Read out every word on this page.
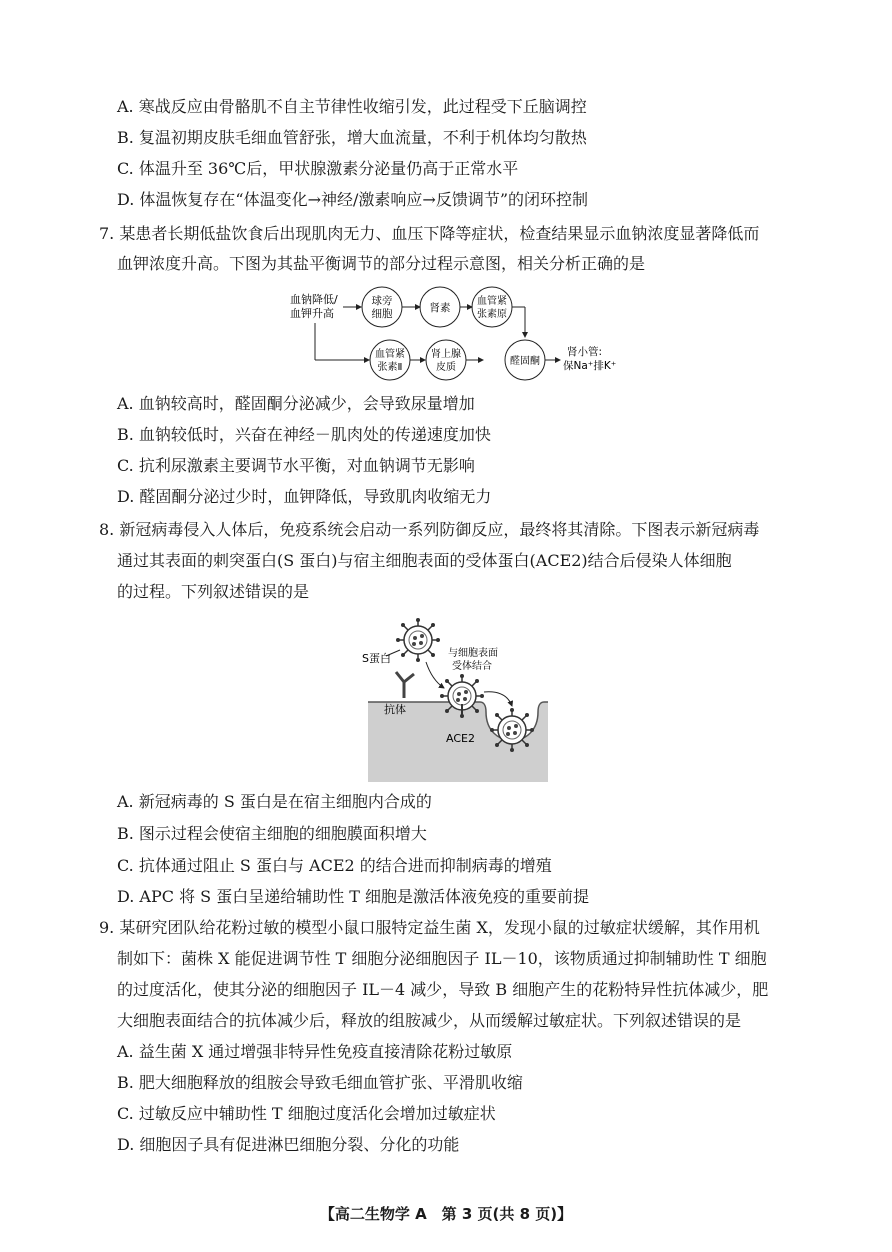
A. 寒战反应由骨骼肌不自主节律性收缩引发，此过程受下丘脑调控
B. 复温初期皮肤毛细血管舒张，增大血流量，不利于机体均匀散热
C. 体温升至 36℃后，甲状腺激素分泌量仍高于正常水平
D. 体温恢复存在“体温变化→神经/激素响应→反馈调节”的闭环控制
7. 某患者长期低盐饮食后出现肌肉无力、血压下降等症状，检查结果显示血钠浓度显著降低而
血钾浓度升高。下图为其盐平衡调节的部分过程示意图，相关分析正确的是
血钠降低/
血钾升高
球旁
细胞	肾素
血管紧
张素原
血管紧
张素Ⅱ
肾上腺
皮质
醛固酮
肾小管:
保Na⁺排K⁺
A. 血钠较高时，醛固酮分泌减少，会导致尿量增加
B. 血钠较低时，兴奋在神经－肌肉处的传递速度加快
C. 抗利尿激素主要调节水平衡，对血钠调节无影响
D. 醛固酮分泌过少时，血钾降低，导致肌肉收缩无力
8. 新冠病毒侵入人体后，免疫系统会启动一系列防御反应，最终将其清除。下图表示新冠病毒
通过其表面的刺突蛋白(S 蛋白)与宿主细胞表面的受体蛋白(ACE2)结合后侵染人体细胞
的过程。下列叙述错误的是
S蛋白	与细胞表面
受体结合
抗体
ACE2
A. 新冠病毒的 S 蛋白是在宿主细胞内合成的
B. 图示过程会使宿主细胞的细胞膜面积增大
C. 抗体通过阻止 S 蛋白与 ACE2 的结合进而抑制病毒的增殖
D. APC 将 S 蛋白呈递给辅助性 T 细胞是激活体液免疫的重要前提
9. 某研究团队给花粉过敏的模型小鼠口服特定益生菌 X，发现小鼠的过敏症状缓解，其作用机
制如下：菌株 X 能促进调节性 T 细胞分泌细胞因子 IL－10，该物质通过抑制辅助性 T 细胞
的过度活化，使其分泌的细胞因子 IL－4 减少，导致 B 细胞产生的花粉特异性抗体减少，肥
大细胞表面结合的抗体减少后，释放的组胺减少，从而缓解过敏症状。下列叙述错误的是
A. 益生菌 X 通过增强非特异性免疫直接清除花粉过敏原
B. 肥大细胞释放的组胺会导致毛细血管扩张、平滑肌收缩
C. 过敏反应中辅助性 T 细胞过度活化会增加过敏症状
D. 细胞因子具有促进淋巴细胞分裂、分化的功能
【高二生物学 A　第 3 页(共 8 页)】
